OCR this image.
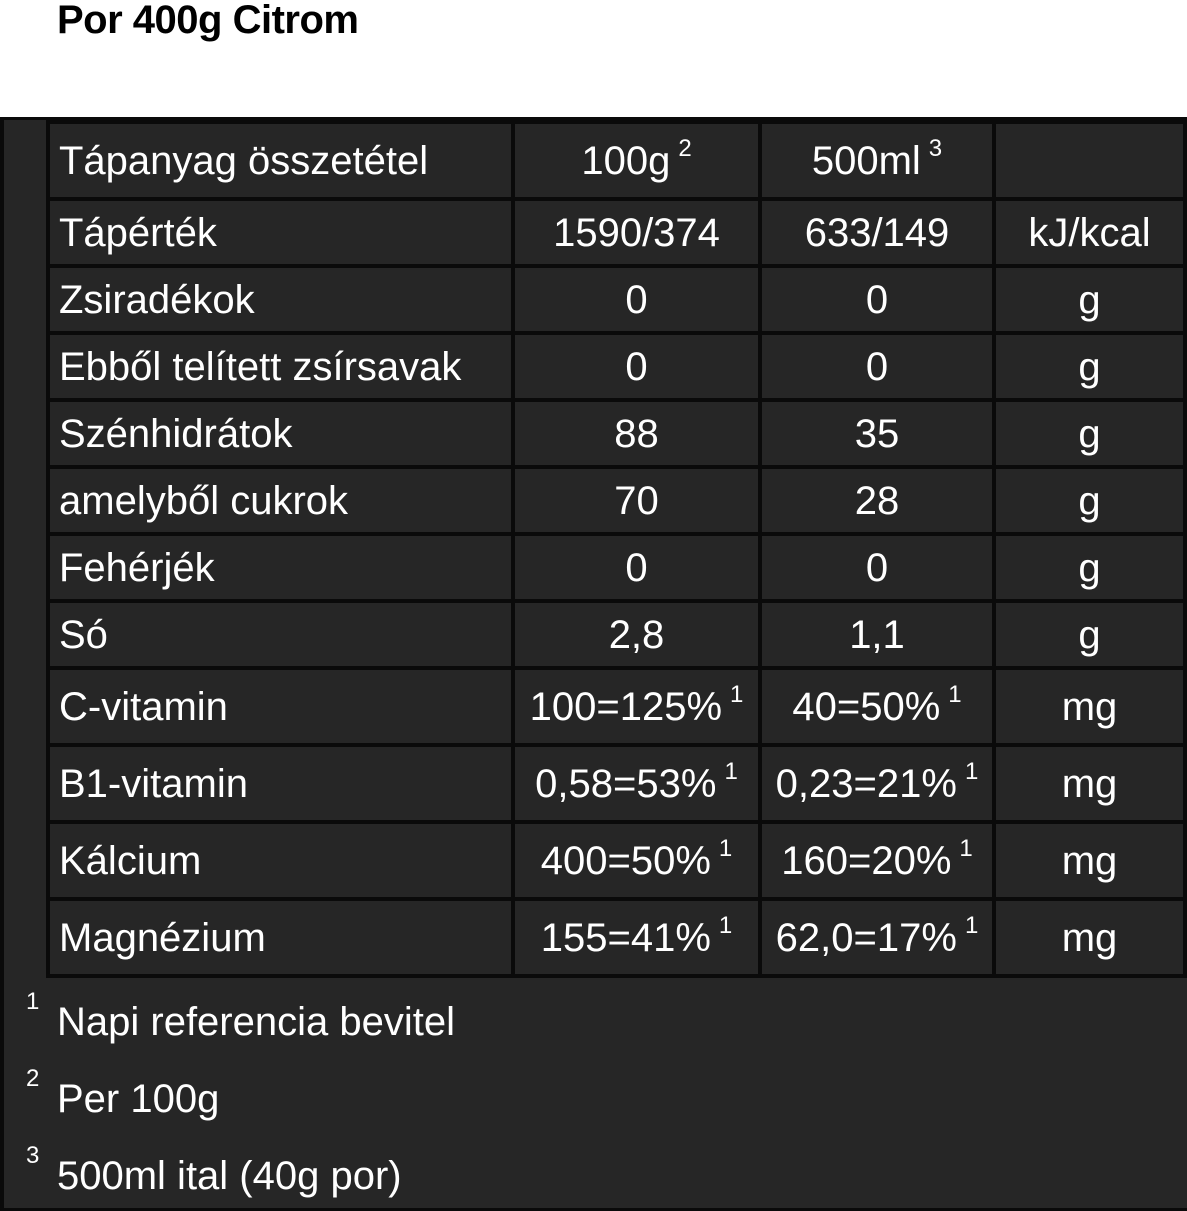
Por 400g Citrom
Tápanyag összetétel	100g $^2$	500ml $^3$	
Tápérték	1590/374	633/149	kJ/kcal
Zsiradékok	0	0	g
Ebből telített zsírsavak	0	0	g
Szénhidrátok	88	35	g
amelyből cukrok	70	28	g
Fehérjék	0	0	g
Só	2,8	1,1	g
C-vitamin	100=125% $^1$	40=50% $^1$	mg
B1-vitamin	0,58=53% $^1$	0,23=21% $^1$	mg
Kálcium	400=50% $^1$	160=20% $^1$	mg
Magnézium	155=41% $^1$	62,0=17% $^1$	mg
1 Napi referencia bevitel
2 Per 100g
3 500ml ital (40g por)
